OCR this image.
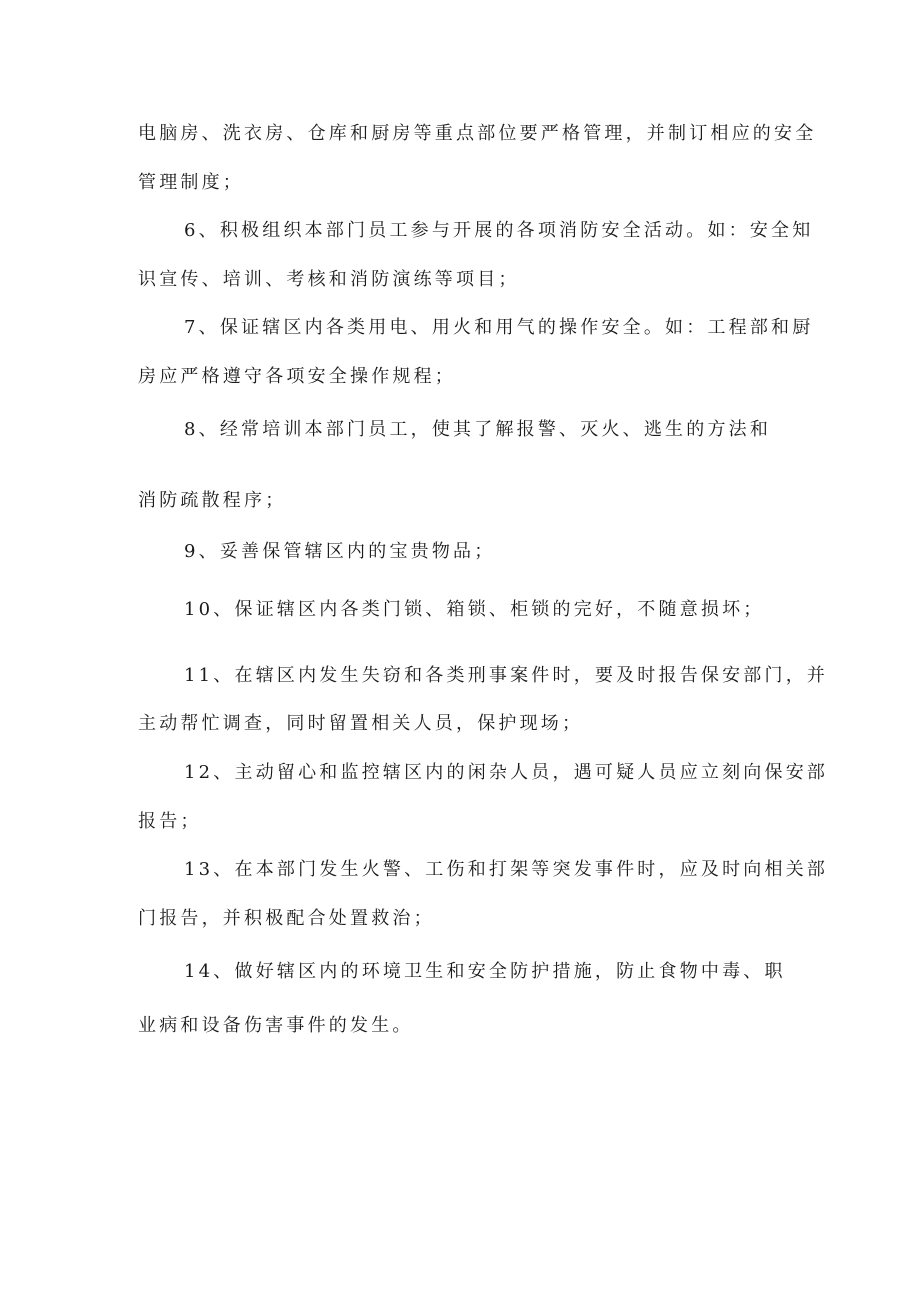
电脑房、洗衣房、仓库和厨房等重点部位要严格管理，并制订相应的安全
管理制度；
6、积极组织本部门员工参与开展的各项消防安全活动。如：安全知
识宣传、培训、考核和消防演练等项目；
7、保证辖区内各类用电、用火和用气的操作安全。如：工程部和厨
房应严格遵守各项安全操作规程；
8、经常培训本部门员工，使其了解报警、灭火、逃生的方法和
消防疏散程序；
9、妥善保管辖区内的宝贵物品；
10、保证辖区内各类门锁、箱锁、柜锁的完好，不随意损坏；
11、在辖区内发生失窃和各类刑事案件时，要及时报告保安部门，并
主动帮忙调查，同时留置相关人员，保护现场；
12、主动留心和监控辖区内的闲杂人员，遇可疑人员应立刻向保安部
报告；
13、在本部门发生火警、工伤和打架等突发事件时，应及时向相关部
门报告，并积极配合处置救治；
14、做好辖区内的环境卫生和安全防护措施，防止食物中毒、职
业病和设备伤害事件的发生。
